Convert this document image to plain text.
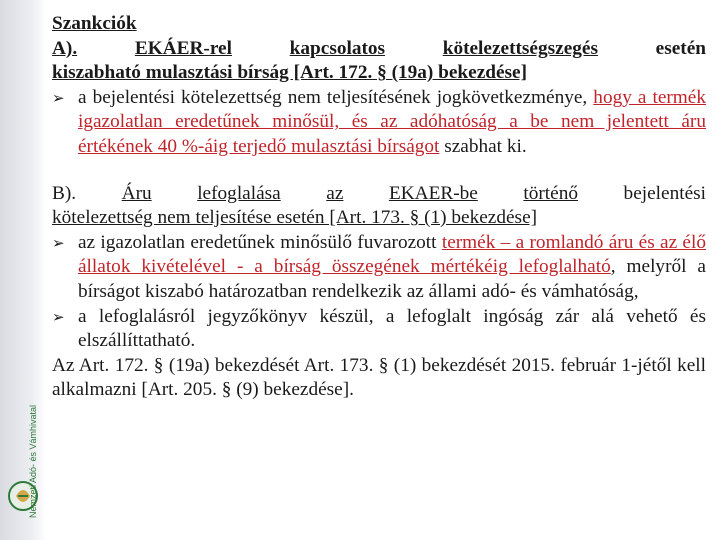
Nemzeti Adó- és Vámhivatal
Szankciók
A).	EKÁER-rel	kapcsolatos	kötelezettségszegés	esetén
kiszabható mulasztási bírság [Art. 172. § (19a) bekezdése]
➢ a bejelentési kötelezettség nem teljesítésének jogkövetkezménye, hogy a termék igazolatlan eredetűnek minősül, és az adóhatóság a be nem jelentett áru értékének 40 %-áig terjedő mulasztási bírságot szabhat ki.
B). Áru lefoglalása az EKAER-be történő bejelentési
kötelezettség nem teljesítése esetén [Art. 173. § (1) bekezdése]
➢ az igazolatlan eredetűnek minősülő fuvarozott termék – a romlandó áru és az élő állatok kivételével - a bírság összegének mértékéig lefoglalható, melyről a bírságot kiszabó határozatban rendelkezik az állami adó- és vámhatóság,
➢ a lefoglalásról jegyzőkönyv készül, a lefoglalt ingóság zár alá vehető és elszállíttatható.
Az Art. 172. § (19a) bekezdését Art. 173. § (1) bekezdését 2015. február 1-jétől kell alkalmazni [Art. 205. § (9) bekezdése].
